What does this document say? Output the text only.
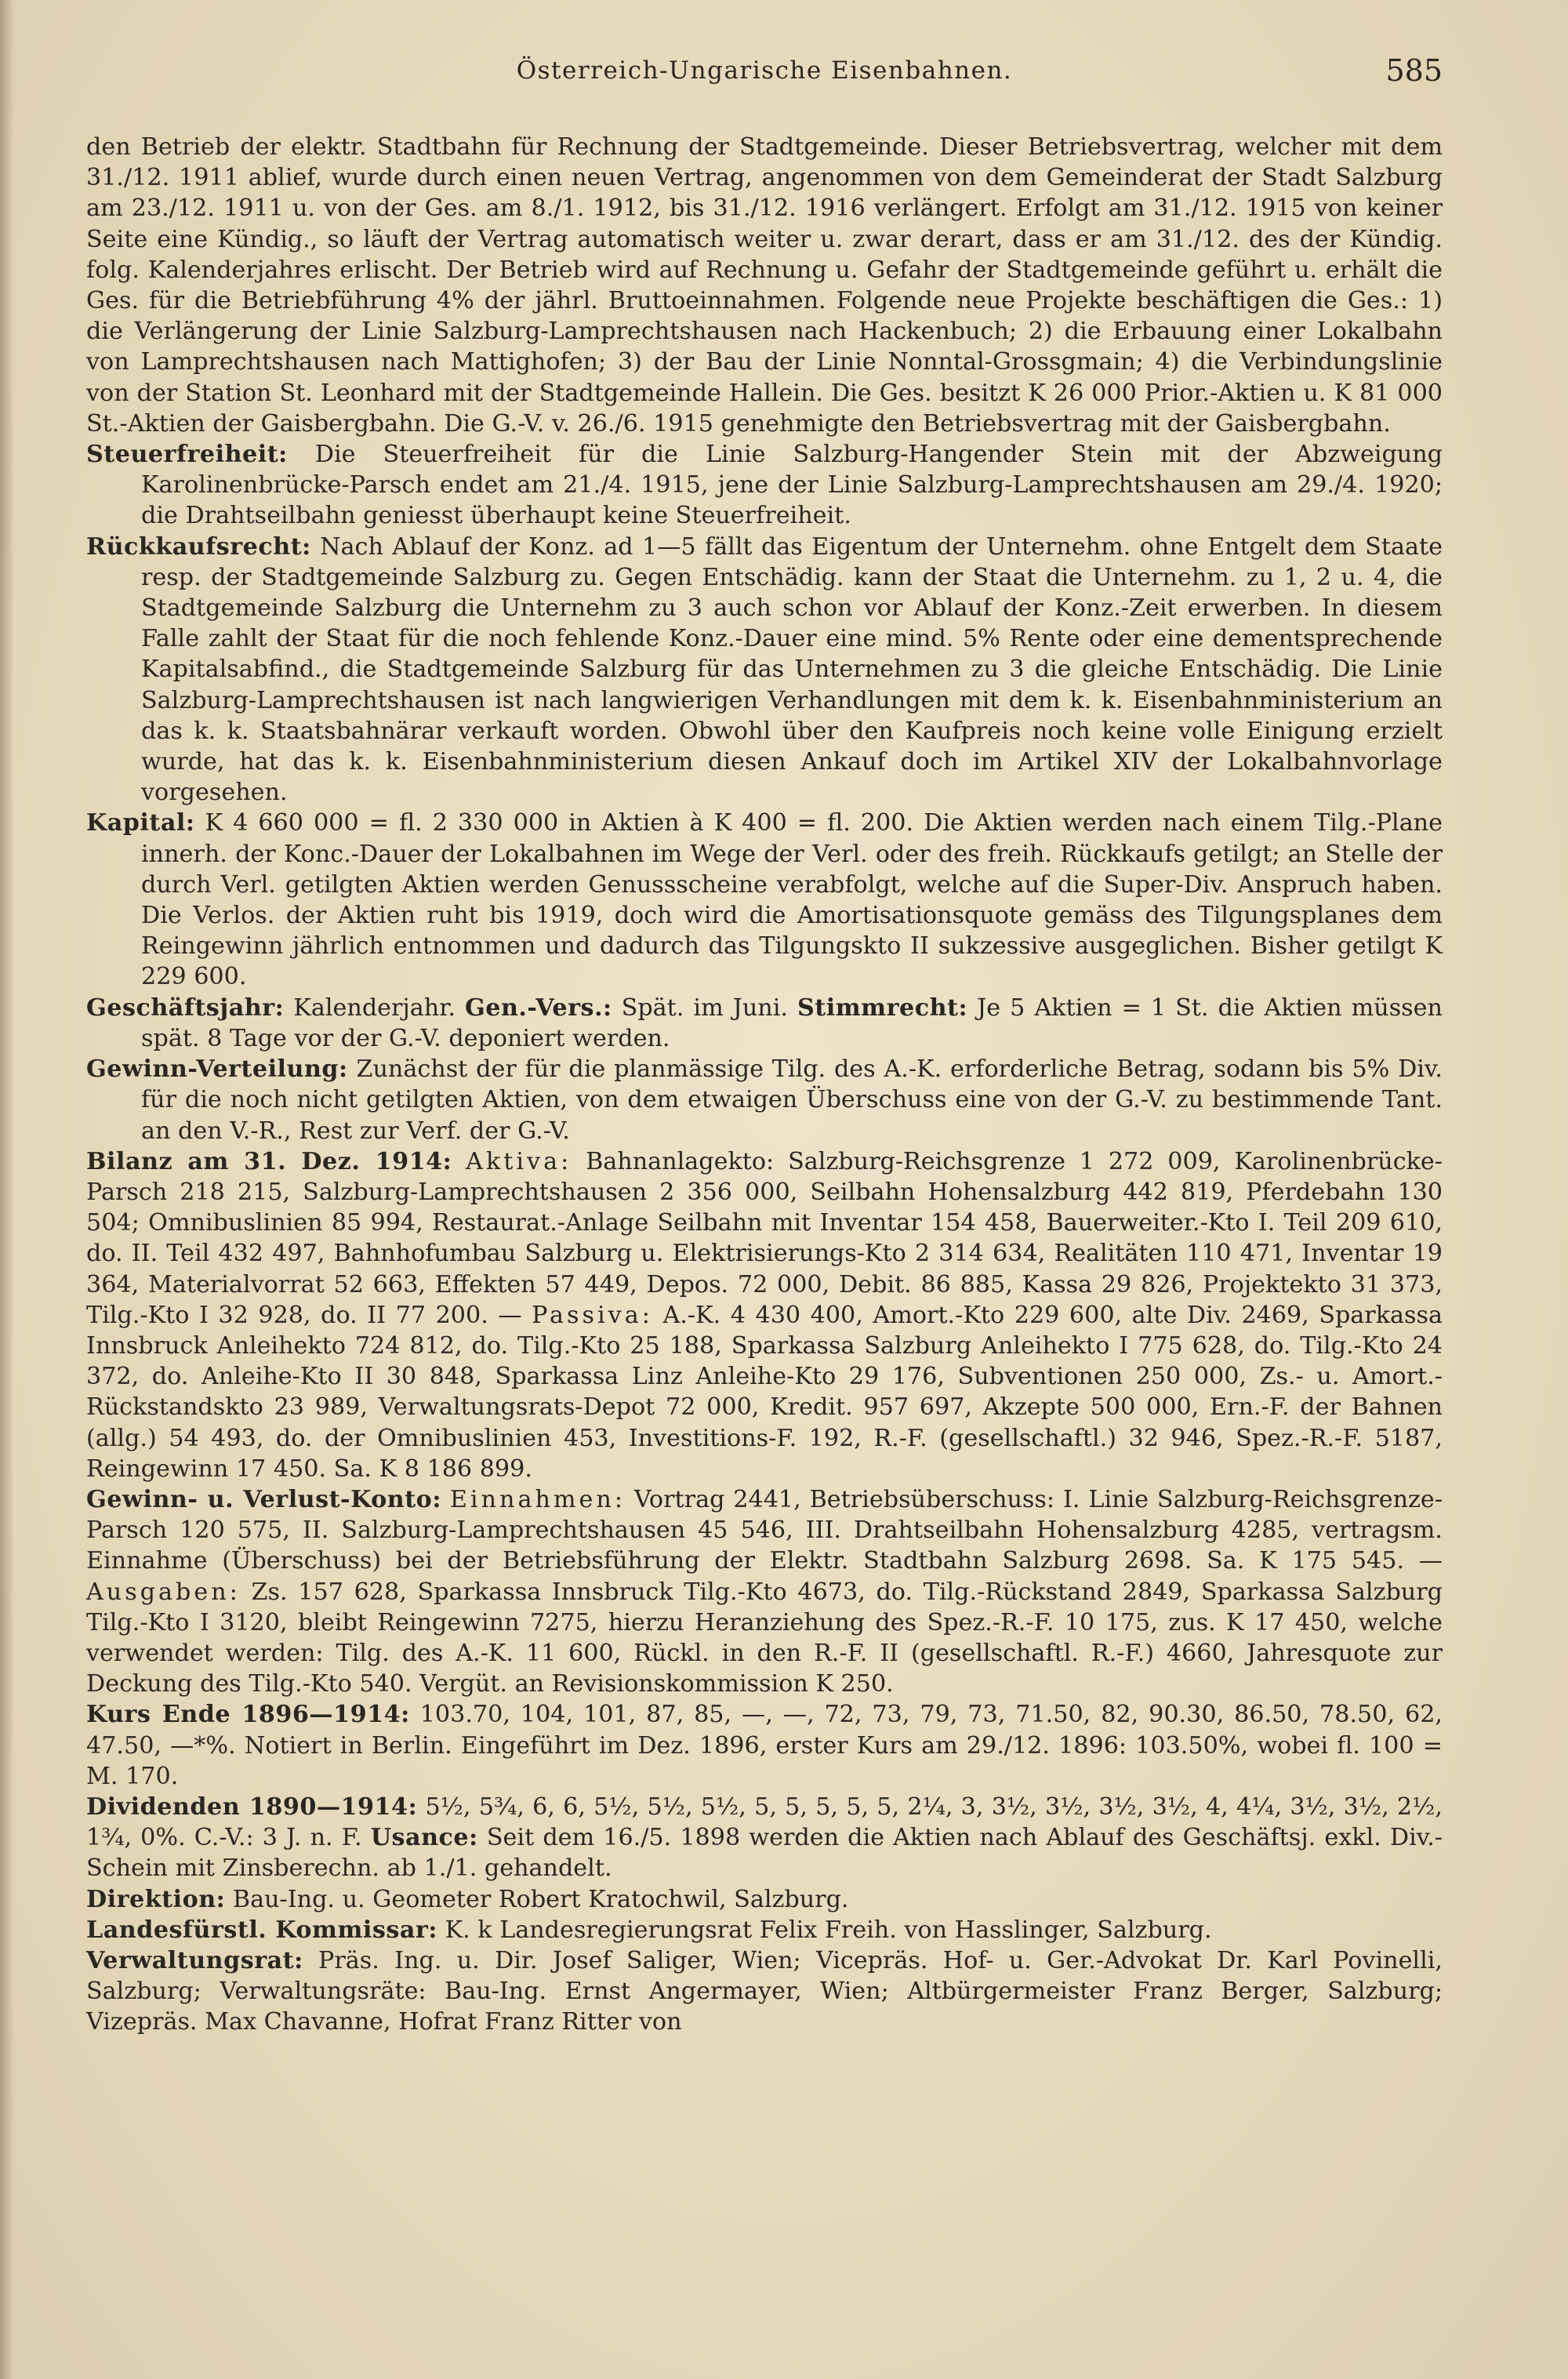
Österreich-Ungarische Eisenbahnen.	585

den Betrieb der elektr. Stadtbahn für Rechnung der Stadtgemeinde. Dieser Betriebsvertrag, welcher mit dem 31./12. 1911 ablief, wurde durch einen neuen Vertrag, angenommen von dem Gemeinderat der Stadt Salzburg am 23./12. 1911 u. von der Ges. am 8./1. 1912, bis 31./12. 1916 verlängert. Erfolgt am 31./12. 1915 von keiner Seite eine Kündig., so läuft der Vertrag automatisch weiter u. zwar derart, dass er am 31./12. des der Kündig. folg. Kalenderjahres erlischt. Der Betrieb wird auf Rechnung u. Gefahr der Stadtgemeinde geführt u. erhält die Ges. für die Betriebführung 4% der jährl. Bruttoeinnahmen. Folgende neue Projekte beschäftigen die Ges.: 1) die Verlängerung der Linie Salzburg-Lamprechtshausen nach Hackenbuch; 2) die Erbauung einer Lokalbahn von Lamprechtshausen nach Mattighofen; 3) der Bau der Linie Nonntal-Grossgmain; 4) die Verbindungslinie von der Station St. Leonhard mit der Stadtgemeinde Hallein. Die Ges. besitzt K 26 000 Prior.-Aktien u. K 81 000 St.-Aktien der Gaisbergbahn. Die G.-V. v. 26./6. 1915 genehmigte den Betriebsvertrag mit der Gaisbergbahn.

Steuerfreiheit: Die Steuerfreiheit für die Linie Salzburg-Hangender Stein mit der Abzweigung Karolinenbrücke-Parsch endet am 21./4. 1915, jene der Linie Salzburg-Lamprechtshausen am 29./4. 1920; die Drahtseilbahn geniesst überhaupt keine Steuerfreiheit.

Rückkaufsrecht: Nach Ablauf der Konz. ad 1—5 fällt das Eigentum der Unternehm. ohne Entgelt dem Staate resp. der Stadtgemeinde Salzburg zu. Gegen Entschädig. kann der Staat die Unternehm. zu 1, 2 u. 4, die Stadtgemeinde Salzburg die Unternehm zu 3 auch schon vor Ablauf der Konz.-Zeit erwerben. In diesem Falle zahlt der Staat für die noch fehlende Konz.-Dauer eine mind. 5% Rente oder eine dementsprechende Kapitalsabfind., die Stadtgemeinde Salzburg für das Unternehmen zu 3 die gleiche Entschädig. Die Linie Salzburg-Lamprechtshausen ist nach langwierigen Verhandlungen mit dem k. k. Eisenbahnministerium an das k. k. Staatsbahnärar verkauft worden. Obwohl über den Kaufpreis noch keine volle Einigung erzielt wurde, hat das k. k. Eisenbahnministerium diesen Ankauf doch im Artikel XIV der Lokalbahnvorlage vorgesehen.

Kapital: K 4 660 000 = fl. 2 330 000 in Aktien à K 400 = fl. 200. Die Aktien werden nach einem Tilg.-Plane innerh. der Konc.-Dauer der Lokalbahnen im Wege der Verl. oder des freih. Rückkaufs getilgt; an Stelle der durch Verl. getilgten Aktien werden Genussscheine verabfolgt, welche auf die Super-Div. Anspruch haben. Die Verlos. der Aktien ruht bis 1919, doch wird die Amortisationsquote gemäss des Tilgungsplanes dem Reingewinn jährlich entnommen und dadurch das Tilgungskto II sukzessive ausgeglichen. Bisher getilgt K 229 600.

Geschäftsjahr: Kalenderjahr. Gen.-Vers.: Spät. im Juni. Stimmrecht: Je 5 Aktien = 1 St. die Aktien müssen spät. 8 Tage vor der G.-V. deponiert werden.

Gewinn-Verteilung: Zunächst der für die planmässige Tilg. des A.-K. erforderliche Betrag, sodann bis 5% Div. für die noch nicht getilgten Aktien, von dem etwaigen Überschuss eine von der G.-V. zu bestimmende Tant. an den V.-R., Rest zur Verf. der G.-V.

Bilanz am 31. Dez. 1914: Aktiva: Bahnanlagekto: Salzburg-Reichsgrenze 1 272 009, Karolinenbrücke-Parsch 218 215, Salzburg-Lamprechtshausen 2 356 000, Seilbahn Hohensalzburg 442 819, Pferdebahn 130 504; Omnibuslinien 85 994, Restaurat.-Anlage Seilbahn mit Inventar 154 458, Bauerweiter.-Kto I. Teil 209 610, do. II. Teil 432 497, Bahnhofumbau Salzburg u. Elektrisierungs-Kto 2 314 634, Realitäten 110 471, Inventar 19 364, Materialvorrat 52 663, Effekten 57 449, Depos. 72 000, Debit. 86 885, Kassa 29 826, Projektekto 31 373, Tilg.-Kto I 32 928, do. II 77 200. — Passiva: A.-K. 4 430 400, Amort.-Kto 229 600, alte Div. 2469, Sparkassa Innsbruck Anleihekto 724 812, do. Tilg.-Kto 25 188, Sparkassa Salzburg Anleihekto I 775 628, do. Tilg.-Kto 24 372, do. Anleihe-Kto II 30 848, Sparkassa Linz Anleihe-Kto 29 176, Subventionen 250 000, Zs.- u. Amort.-Rückstandskto 23 989, Verwaltungsrats-Depot 72 000, Kredit. 957 697, Akzepte 500 000, Ern.-F. der Bahnen (allg.) 54 493, do. der Omnibuslinien 453, Investitions-F. 192, R.-F. (gesellschaftl.) 32 946, Spez.-R.-F. 5187, Reingewinn 17 450. Sa. K 8 186 899.

Gewinn- u. Verlust-Konto: Einnahmen: Vortrag 2441, Betriebsüberschuss: I. Linie Salzburg-Reichsgrenze-Parsch 120 575, II. Salzburg-Lamprechtshausen 45 546, III. Drahtseilbahn Hohensalzburg 4285, vertragsm. Einnahme (Überschuss) bei der Betriebsführung der Elektr. Stadtbahn Salzburg 2698. Sa. K 175 545. — Ausgaben: Zs. 157 628, Sparkassa Innsbruck Tilg.-Kto 4673, do. Tilg.-Rückstand 2849, Sparkassa Salzburg Tilg.-Kto I 3120, bleibt Reingewinn 7275, hierzu Heranziehung des Spez.-R.-F. 10 175, zus. K 17 450, welche verwendet werden: Tilg. des A.-K. 11 600, Rückl. in den R.-F. II (gesellschaftl. R.-F.) 4660, Jahresquote zur Deckung des Tilg.-Kto 540. Vergüt. an Revisionskommission K 250.

Kurs Ende 1896—1914: 103.70, 104, 101, 87, 85, —, —, 72, 73, 79, 73, 71.50, 82, 90.30, 86.50, 78.50, 62, 47.50, —*%. Notiert in Berlin. Eingeführt im Dez. 1896, erster Kurs am 29./12. 1896: 103.50%, wobei fl. 100 = M. 170.

Dividenden 1890—1914: 5½, 5¾, 6, 6, 5½, 5½, 5½, 5, 5, 5, 5, 5, 2¼, 3, 3½, 3½, 3½, 3½, 4, 4¼, 3½, 3½, 2½, 1¾, 0%. C.-V.: 3 J. n. F. Usance: Seit dem 16./5. 1898 werden die Aktien nach Ablauf des Geschäftsj. exkl. Div.-Schein mit Zinsberechn. ab 1./1. gehandelt.

Direktion: Bau-Ing. u. Geometer Robert Kratochwil, Salzburg.

Landesfürstl. Kommissar: K. k Landesregierungsrat Felix Freih. von Hasslinger, Salzburg.

Verwaltungsrat: Präs. Ing. u. Dir. Josef Saliger, Wien; Vicepräs. Hof- u. Ger.-Advokat Dr. Karl Povinelli, Salzburg; Verwaltungsräte: Bau-Ing. Ernst Angermayer, Wien; Altbürgermeister Franz Berger, Salzburg; Vizepräs. Max Chavanne, Hofrat Franz Ritter von
